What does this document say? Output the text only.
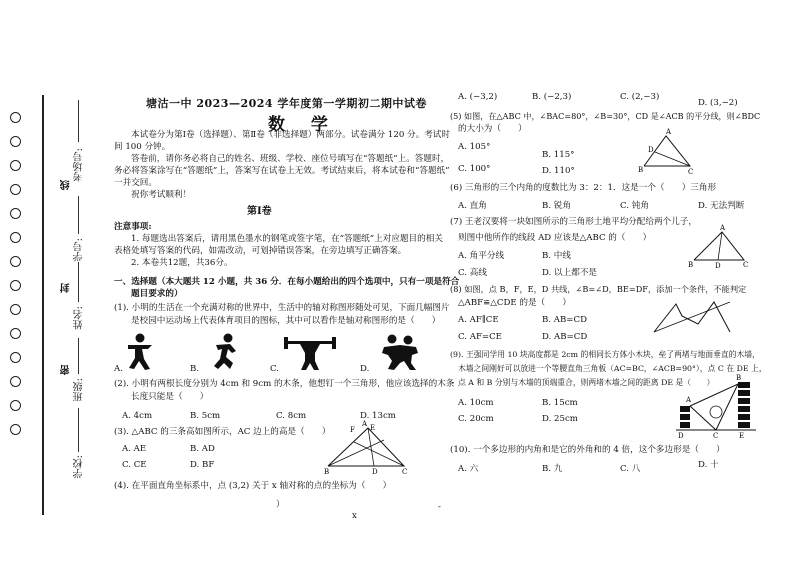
线
封
密
考场号:
学号:
姓名:
班级:
学校:
塘沽一中 2023—2024 学年度第一学期初二期中试卷
数 学
本试卷分为第Ⅰ卷（选择题）、第Ⅱ卷（非选择题）两部分。试卷满分 120 分。考试时
间 100 分钟。
答卷前，请你务必将自己的姓名、班级、学校、座位号填写在“答题纸”上。答题时，
务必将答案涂写在“答题纸”上，答案写在试卷上无效。考试结束后，将本试卷和“答题纸”
一并交回。
祝你考试顺利！
第Ⅰ卷
注意事项:
1. 每题选出答案后，请用黑色墨水的钢笔或签字笔，在“答题纸”上对应题目的相关
表格处填写答案的代码，如需改动，可划掉错误答案，在旁边填写正确答案。
2. 本卷共12题，共36分。
一、选择题（本大题共 12 小题，共 36 分．在每小题给出的四个选项中，只有一项是符合
题目要求的）
(1). 小明的生活在一个充满对称的世界中，生活中的轴对称图形随处可见，下面几幅图片
是校园中运动场上代表体育项目的图标，其中可以看作是轴对称图形的是（　　）
A.	B.	C.	D.
(2). 小明有两根长度分别为 4cm 和 9cm 的木条，他想钉一个三角形，他应该选择的木条
长度只能是（　　）
A. 4cm	B. 5cm	C. 8cm	D. 13cm
(3). △ABC 的三条高如图所示，AC 边上的高是（　　）
A. AE	B. AD
C. CE	D. BF
F E
A
B	D	C
(4). 在平面直角坐标系中，点 (3,2) 关于 x 轴对称的点的坐标为（　　）
）
x
-
A. (−3,2)	B. (−2,3)	C. (2,−3)
D. (3,−2)
(5) 如图，在△ABC 中，∠BAC=80°，∠B=30°，CD 是∠ACB 的平分线，则∠BDC
的大小为（　　）
A. 105°
B. 115°
C. 100°	D. 110°
A
D
B	C
(6) 三角形的三个内角的度数比为 3：2：1．这是一个（　　）三角形
A. 直角	B. 锐角	C. 钝角	D. 无法判断
(7) 王老汉要将一块如图所示的三角形土地平均分配给两个儿子，
则图中他所作的线段 AD 应该是△ABC 的（　　）
A. 角平分线	B. 中线
C. 高线	D. 以上都不是
A
B	D	C
(8) 如图，点 B，F，E，D 共线，∠B=∠D，BE=DF，添加一个条件，不能判定
△ABF≌△CDE 的是（　　）
A. AF∥CE	B. AB=CD
C. AF=CE	D. AB=CD
(9). 王强同学用 10 块高度都是 2cm 的相同长方体小木块，垒了两堵与地面垂直的木墙，
木墙之间刚好可以放进一个等腰直角三角板（AC=BC，∠ACB=90°），点 C 在 DE 上，
点 A 和 B 分别与木墙的顶端重合，则两堵木墙之间的距离 DE 是（　　）
A. 10cm	B. 15cm
C. 20cm	D. 25cm
A
B
D	C	E
(10). 一个多边形的内角和是它的外角和的 4 倍，这个多边形是（　　）
A. 六	B. 九	C. 八	D. 十
